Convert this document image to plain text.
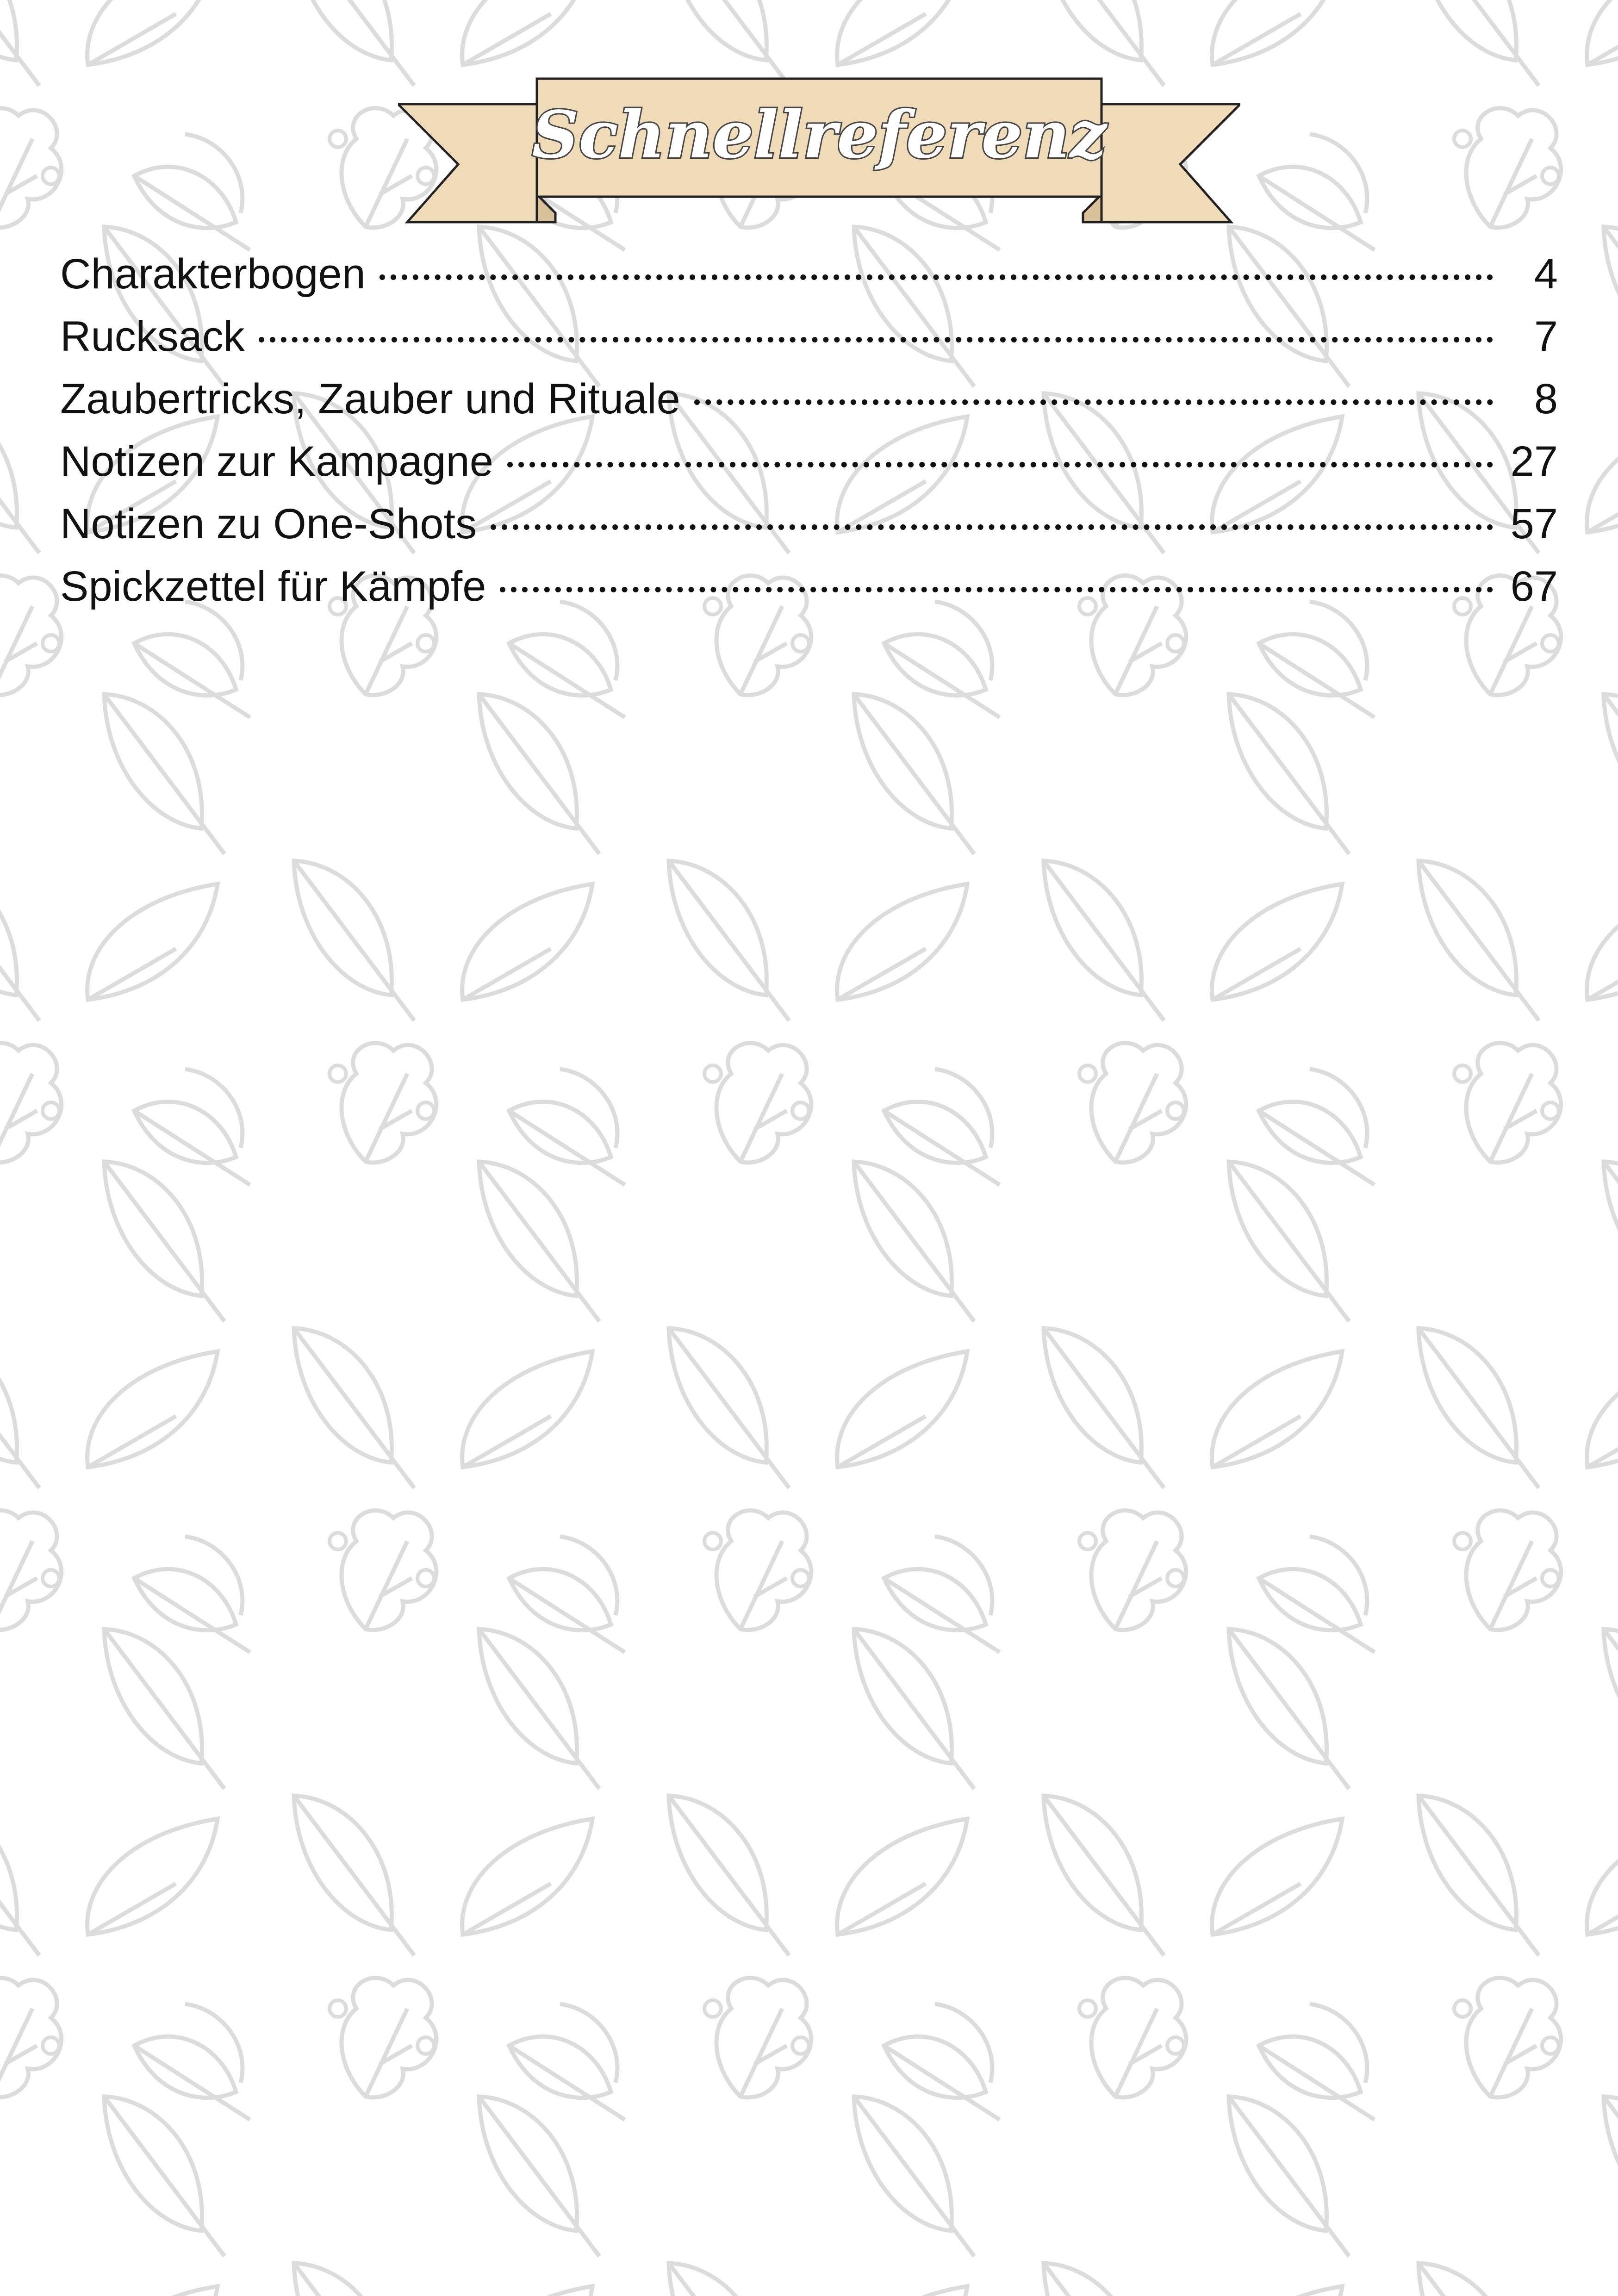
Schnellreferenz
Charakterbogen	4
Rucksack	7
Zaubertricks, Zauber und Rituale	8
Notizen zur Kampagne	27
Notizen zu One-Shots	57
Spickzettel für Kämpfe	67
